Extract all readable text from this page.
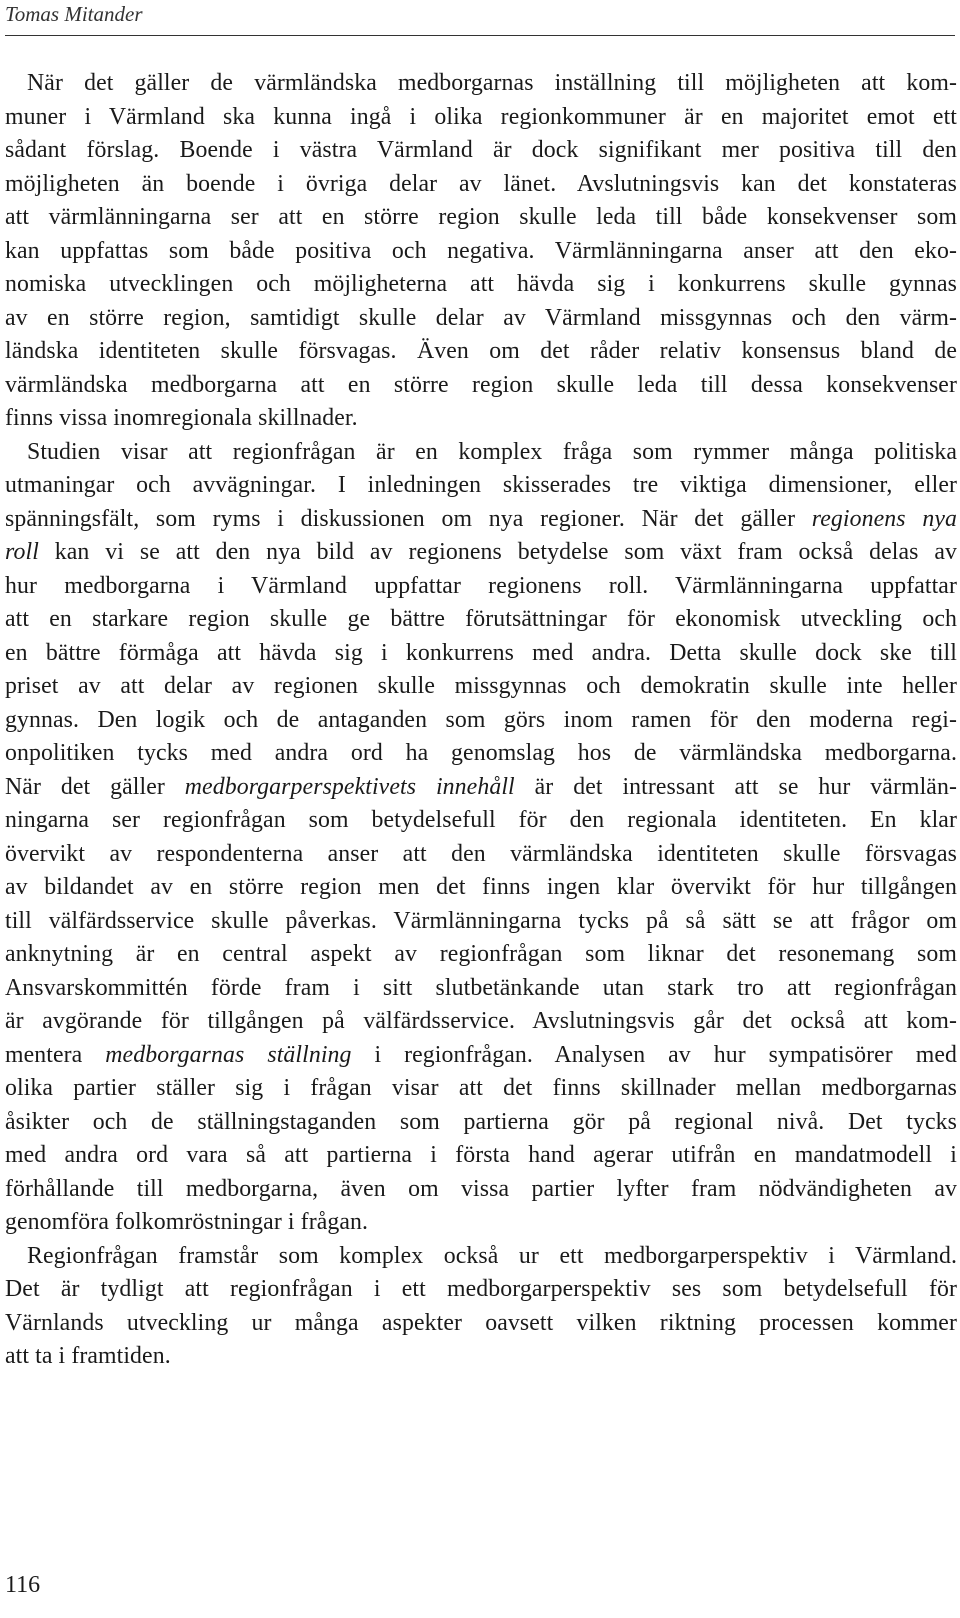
Tomas Mitander
När det gäller de värmländska medborgarnas inställning till möjligheten att kom-
muner i Värmland ska kunna ingå i olika regionkommuner är en majoritet emot ett
sådant förslag. Boende i västra Värmland är dock signifikant mer positiva till den
möjligheten än boende i övriga delar av länet. Avslutningsvis kan det konstateras
att värmlänningarna ser att en större region skulle leda till både konsekvenser som
kan uppfattas som både positiva och negativa. Värmlänningarna anser att den eko-
nomiska utvecklingen och möjligheterna att hävda sig i konkurrens skulle gynnas
av en större region, samtidigt skulle delar av Värmland missgynnas och den värm-
ländska identiteten skulle försvagas. Även om det råder relativ konsensus bland de
värmländska medborgarna att en större region skulle leda till dessa konsekvenser
finns vissa inomregionala skillnader.
Studien visar att regionfrågan är en komplex fråga som rymmer många politiska
utmaningar och avvägningar. I inledningen skisserades tre viktiga dimensioner, eller
spänningsfält, som ryms i diskussionen om nya regioner. När det gäller regionens nya
roll kan vi se att den nya bild av regionens betydelse som växt fram också delas av
hur medborgarna i Värmland uppfattar regionens roll. Värmlänningarna uppfattar
att en starkare region skulle ge bättre förutsättningar för ekonomisk utveckling och
en bättre förmåga att hävda sig i konkurrens med andra. Detta skulle dock ske till
priset av att delar av regionen skulle missgynnas och demokratin skulle inte heller
gynnas. Den logik och de antaganden som görs inom ramen för den moderna regi-
onpolitiken tycks med andra ord ha genomslag hos de värmländska medborgarna.
När det gäller medborgarperspektivets innehåll är det intressant att se hur värmlän-
ningarna ser regionfrågan som betydelsefull för den regionala identiteten. En klar
övervikt av respondenterna anser att den värmländska identiteten skulle försvagas
av bildandet av en större region men det finns ingen klar övervikt för hur tillgången
till välfärdsservice skulle påverkas. Värmlänningarna tycks på så sätt se att frågor om
anknytning är en central aspekt av regionfrågan som liknar det resonemang som
Ansvarskommittén förde fram i sitt slutbetänkande utan stark tro att regionfrågan
är avgörande för tillgången på välfärdsservice. Avslutningsvis går det också att kom-
mentera medborgarnas ställning i regionfrågan. Analysen av hur sympatisörer med
olika partier ställer sig i frågan visar att det finns skillnader mellan medborgarnas
åsikter och de ställningstaganden som partierna gör på regional nivå. Det tycks
med andra ord vara så att partierna i första hand agerar utifrån en mandatmodell i
förhållande till medborgarna, även om vissa partier lyfter fram nödvändigheten av
genomföra folkomröstningar i frågan.
Regionfrågan framstår som komplex också ur ett medborgarperspektiv i Värmland.
Det är tydligt att regionfrågan i ett medborgarperspektiv ses som betydelsefull för
Värnlands utveckling ur många aspekter oavsett vilken riktning processen kommer
att ta i framtiden.
116
